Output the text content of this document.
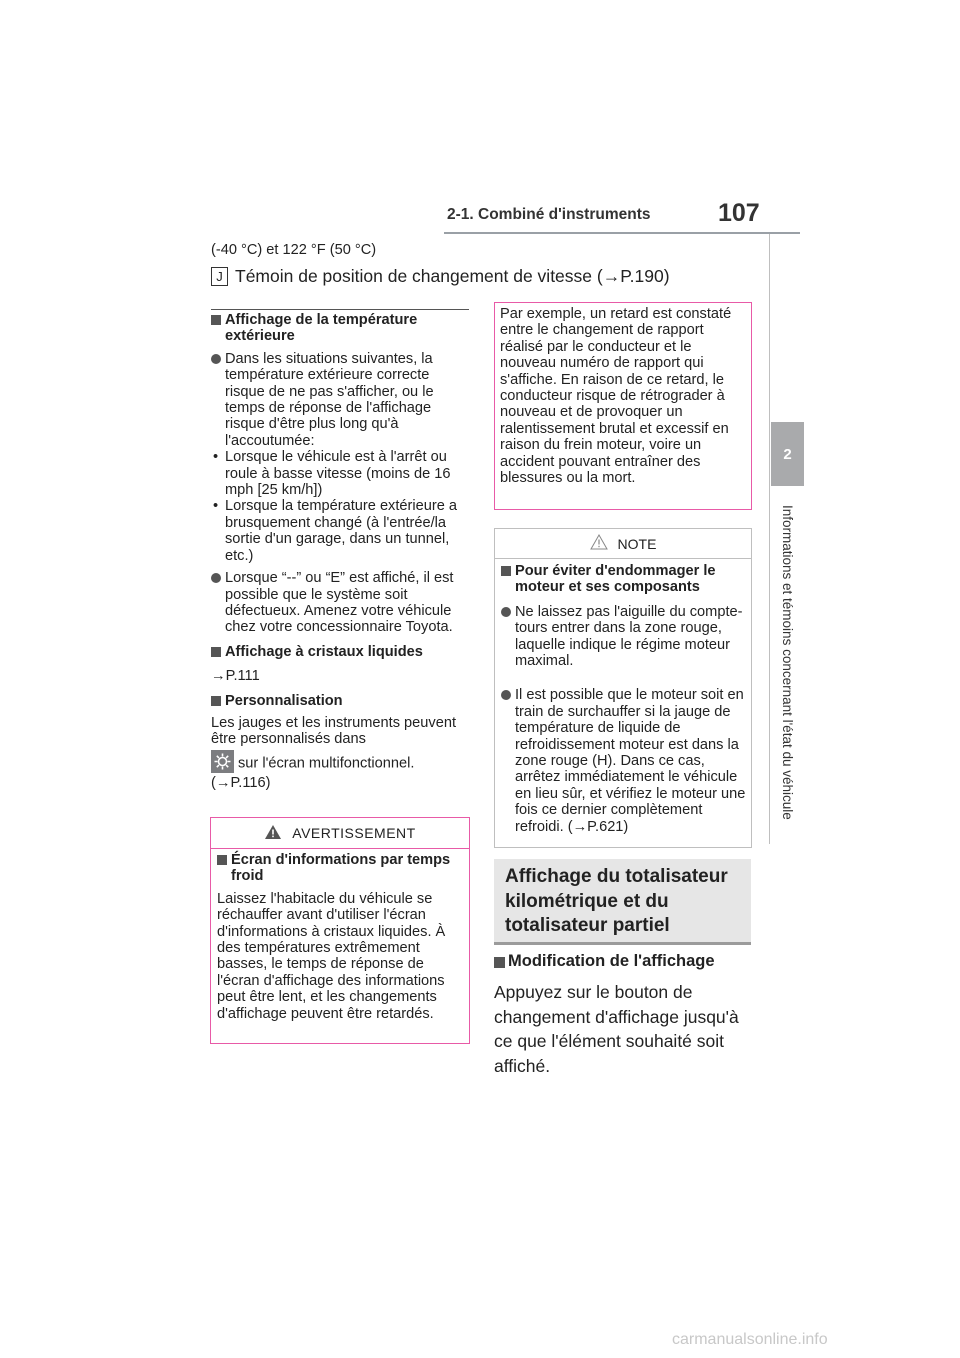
2-1. Combiné d'instruments	107
2
Informations et témoins concernant l'état du véhicule
(-40 °C) et 122 °F (50 °C)
J Témoin de position de changement de vitesse (→P.190)

Affichage de la température extérieure

Dans les situations suivantes, la température extérieure correcte risque de ne pas s'afficher, ou le temps de réponse de l'affichage risque d'être plus long qu'à l'accoutumée:

• Lorsque le véhicule est à l'arrêt ou roule à basse vitesse (moins de 16 mph [25 km/h])

• Lorsque la température extérieure a brusquement changé (à l'entrée/la sortie d'un garage, dans un tunnel, etc.)

Lorsque “--” ou “E” est affiché, il est possible que le système soit défectueux. Amenez votre véhicule chez votre concessionnaire Toyota.

Affichage à cristaux liquides

→P.111

Personnalisation

Les jauges et les instruments peuvent être personnalisés dans

sur l'écran multifonctionnel.

(→P.116)

AVERTISSEMENT

Écran d'informations par temps froid

Laissez l'habitacle du véhicule se réchauffer avant d'utiliser l'écran d'informations à cristaux liquides. À des températures extrêmement basses, le temps de réponse de l'écran d'affichage des informations peut être lent, et les changements d'affichage peuvent être retardés.

Par exemple, un retard est constaté entre le changement de rapport réalisé par le conducteur et le nouveau numéro de rapport qui s'affiche. En raison de ce retard, le conducteur risque de rétrograder à nouveau et de provoquer un ralentissement brutal et excessif en raison du frein moteur, voire un accident pouvant entraîner des blessures ou la mort.

NOTE

Pour éviter d'endommager le moteur et ses composants

Ne laissez pas l'aiguille du compte-tours entrer dans la zone rouge, laquelle indique le régime moteur maximal.

Il est possible que le moteur soit en train de surchauffer si la jauge de température de liquide de refroidissement moteur est dans la zone rouge (H). Dans ce cas, arrêtez immédiatement le véhicule en lieu sûr, et vérifiez le moteur une fois ce dernier complètement refroidi. (→P.621)

Affichage du totalisateur kilométrique et du totalisateur partiel

Modification de l'affichage

Appuyez sur le bouton de changement d'affichage jusqu'à ce que l'élément souhaité soit affiché.

carmanualsonline.info
